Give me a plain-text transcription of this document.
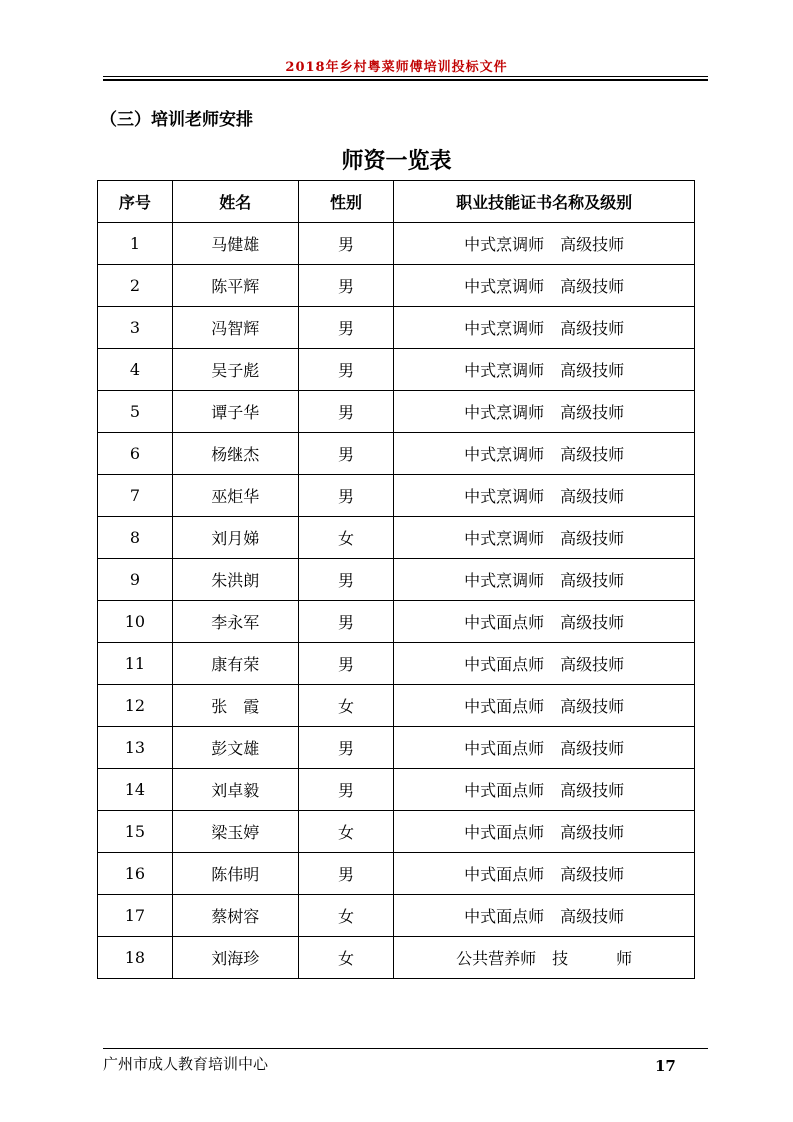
2018年乡村粤菜师傅培训投标文件
（三）培训老师安排
师资一览表
序号	姓名	性别	职业技能证书名称及级别
1	马健雄	男	中式烹调师　高级技师
2	陈平辉	男	中式烹调师　高级技师
3	冯智辉	男	中式烹调师　高级技师
4	吴子彪	男	中式烹调师　高级技师
5	谭子华	男	中式烹调师　高级技师
6	杨继杰	男	中式烹调师　高级技师
7	巫炬华	男	中式烹调师　高级技师
8	刘月娣	女	中式烹调师　高级技师
9	朱洪朗	男	中式烹调师　高级技师
10	李永军	男	中式面点师　高级技师
11	康有荣	男	中式面点师　高级技师
12	张　霞	女	中式面点师　高级技师
13	彭文雄	男	中式面点师　高级技师
14	刘卓毅	男	中式面点师　高级技师
15	梁玉婷	女	中式面点师　高级技师
16	陈伟明	男	中式面点师　高级技师
17	蔡树容	女	中式面点师　高级技师
18	刘海珍	女	公共营养师　技　　　师
广州市成人教育培训中心	17
